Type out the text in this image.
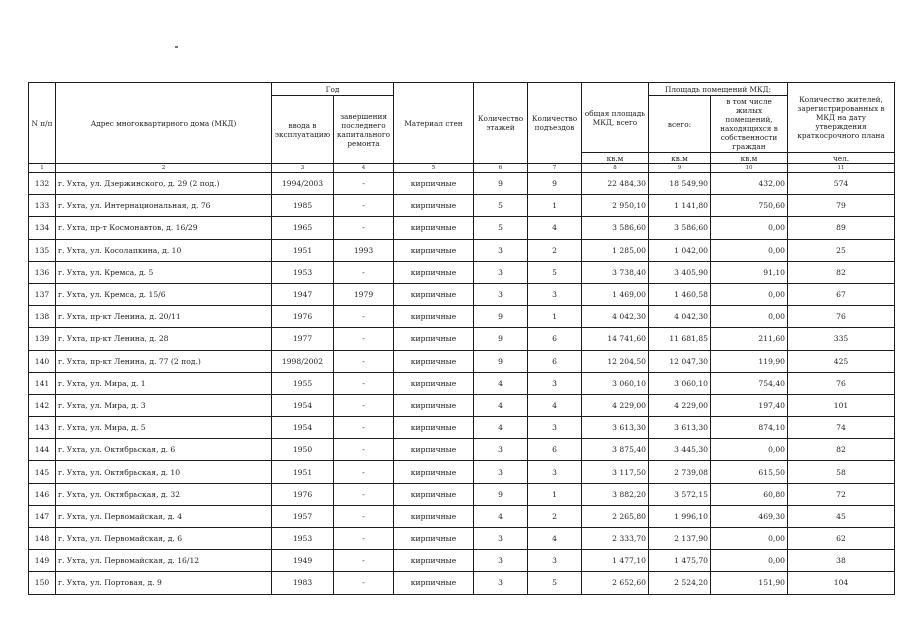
N п/п	Адрес многоквартирного дома (МКД)	Год		Материал стен	Количество этажей	Количество подъездов	общая площадь МКД, всего	Площадь помещений МКД:		Количество жителей, зарегистрированных в МКД на дату утверждения краткосрочного плана
		ввода в эксплуатацию	завершения последнего капитального ремонта					всего:	в том числе жилых помещений, находящихся в собственности граждан	
							кв.м	кв.м	кв.м	чел.
1	2	3	4	5	6	7	8	9	10	11
132	г. Ухта, ул. Дзержинского, д. 29 (2 под.)	1994/2003	-	кирпичные	9	9	22 484,30	18 549,90	432,00	574
133	г. Ухта, ул. Интернациональная, д. 76	1985	-	кирпичные	5	1	2 950,10	1 141,80	750,60	79
134	г. Ухта, пр-т Космонавтов, д. 16/29	1965	-	кирпичные	5	4	3 586,60	3 586,60	0,00	89
135	г. Ухта, ул. Косолапкина, д. 10	1951	1993	кирпичные	3	2	1 285,00	1 042,00	0,00	25
136	г. Ухта, ул. Кремса, д. 5	1953	-	кирпичные	3	5	3 738,40	3 405,90	91,10	82
137	г. Ухта, ул. Кремса, д. 15/6	1947	1979	кирпичные	3	3	1 469,00	1 460,58	0,00	67
138	г. Ухта, пр-кт Ленина, д. 20/11	1976	-	кирпичные	9	1	4 042,30	4 042,30	0,00	76
139	г. Ухта, пр-кт Ленина, д. 28	1977	-	кирпичные	9	6	14 741,60	11 681,85	211,60	335
140	г. Ухта, пр-кт Ленина, д. 77 (2 под.)	1998/2002	-	кирпичные	9	6	12 204,50	12 047,30	119,90	425
141	г. Ухта, ул. Мира, д. 1	1955	-	кирпичные	4	3	3 060,10	3 060,10	754,40	76
142	г. Ухта, ул. Мира, д. 3	1954	-	кирпичные	4	4	4 229,00	4 229,00	197,40	101
143	г. Ухта, ул. Мира, д. 5	1954	-	кирпичные	4	3	3 613,30	3 613,30	874,10	74
144	г. Ухта, ул. Октябрьская, д. 6	1950	-	кирпичные	3	6	3 875,40	3 445,30	0,00	82
145	г. Ухта, ул. Октябрьская, д. 10	1951	-	кирпичные	3	3	3 117,50	2 739,08	615,50	58
146	г. Ухта, ул. Октябрьская, д. 32	1976	-	кирпичные	9	1	3 882,20	3 572,15	60,80	72
147	г. Ухта, ул. Первомайская, д. 4	1957	-	кирпичные	4	2	2 265,80	1 996,10	469,30	45
148	г. Ухта, ул. Первомайская, д. 6	1953	-	кирпичные	3	4	2 333,70	2 137,90	0,00	62
149	г. Ухта, ул. Первомайская, д. 16/12	1949	-	кирпичные	3	3	1 477,10	1 475,70	0,00	38
150	г. Ухта, ул. Портовая, д. 9	1983	-	кирпичные	3	5	2 652,60	2 524,20	151,90	104
